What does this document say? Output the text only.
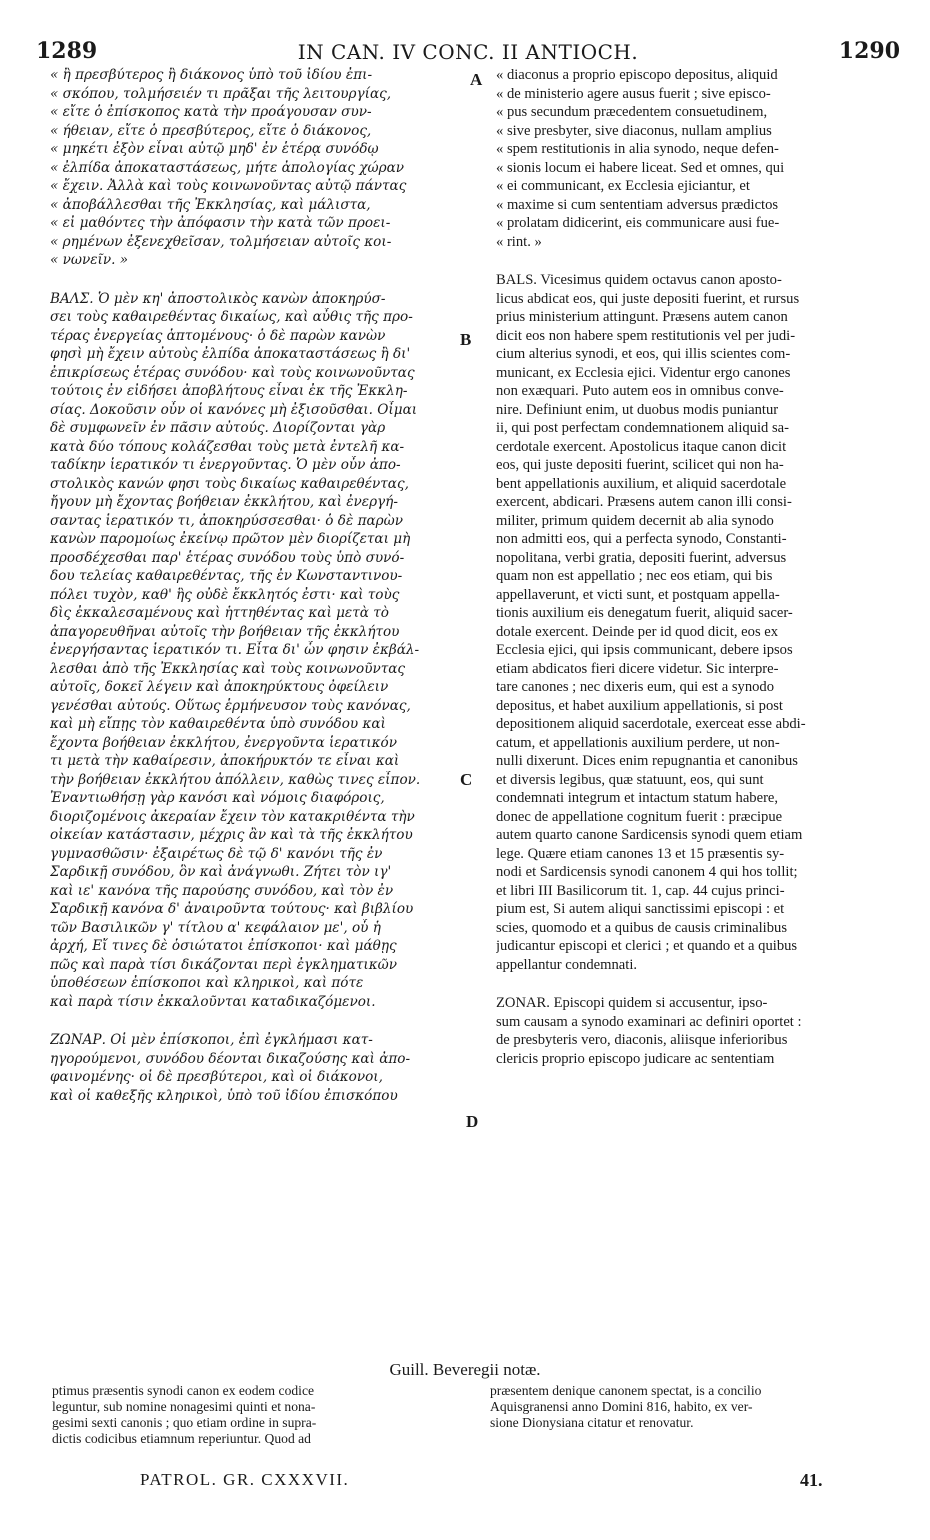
1289	IN CAN. IV CONC. II ANTIOCH.	1290
« ἢ πρεσβύτερος ἢ διάκονος ὑπὸ τοῦ ἰδίου ἐπι-
« σκόπου, τολμήσειέν τι πρᾶξαι τῆς λειτουργίας,
« εἴτε ὁ ἐπίσκοπος κατὰ τὴν προάγουσαν συν-
« ήθειαν, εἴτε ὁ πρεσβύτερος, εἴτε ὁ διάκονος,
« μηκέτι ἐξὸν εἶναι αὐτῷ μηδ' ἐν ἑτέρᾳ συνόδῳ
« ἐλπίδα ἀποκαταστάσεως, μήτε ἀπολογίας χώραν
« ἔχειν. Ἀλλὰ καὶ τοὺς κοινωνοῦντας αὐτῷ πάντας
« ἀποβάλλεσθαι τῆς Ἐκκλησίας, καὶ μάλιστα,
« εἰ μαθόντες τὴν ἀπόφασιν τὴν κατὰ τῶν προει-
« ρημένων ἐξενεχθεῖσαν, τολμήσειαν αὐτοῖς κοι-
« νωνεῖν. »
ΒΑΛΣ. Ὁ μὲν κη' ἀποστολικὸς κανὼν ἀποκηρύσ-
σει τοὺς καθαιρεθέντας δικαίως, καὶ αὖθις τῆς προ-
τέρας ἐνεργείας ἁπτομένους· ὁ δὲ παρὼν κανὼν
φησὶ μὴ ἔχειν αὐτοὺς ἐλπίδα ἀποκαταστάσεως ἢ δι'
ἐπικρίσεως ἑτέρας συνόδου· καὶ τοὺς κοινωνοῦντας
τούτοις ἐν εἰδήσει ἀποβλήτους εἶναι ἐκ τῆς Ἐκκλη-
σίας. Δοκοῦσιν οὖν οἱ κανόνες μὴ ἐξισοῦσθαι. Οἶμαι
δὲ συμφωνεῖν ἐν πᾶσιν αὐτούς. Διορίζονται γὰρ
κατὰ δύο τόπους κολάζεσθαι τοὺς μετὰ ἐντελῆ κα-
ταδίκην ἱερατικόν τι ἐνεργοῦντας. Ὁ μὲν οὖν ἀπο-
στολικὸς κανών φησι τοὺς δικαίως καθαιρεθέντας,
ἤγουν μὴ ἔχοντας βοήθειαν ἐκκλήτου, καὶ ἐνεργή-
σαντας ἱερατικόν τι, ἀποκηρύσσεσθαι· ὁ δὲ παρὼν
κανὼν παρομοίως ἐκείνῳ πρῶτον μὲν διορίζεται μὴ
προσδέχεσθαι παρ' ἑτέρας συνόδου τοὺς ὑπὸ συνό-
δου τελείας καθαιρεθέντας, τῆς ἐν Κωνσταντινου-
πόλει τυχὸν, καθ' ἣς οὐδὲ ἔκκλητός ἐστι· καὶ τοὺς
δὶς ἐκκαλεσαμένους καὶ ἡττηθέντας καὶ μετὰ τὸ
ἀπαγορευθῆναι αὐτοῖς τὴν βοήθειαν τῆς ἐκκλήτου
ἐνεργήσαντας ἱερατικόν τι. Εἶτα δι' ὧν φησιν ἐκβάλ-
λεσθαι ἀπὸ τῆς Ἐκκλησίας καὶ τοὺς κοινωνοῦντας
αὐτοῖς, δοκεῖ λέγειν καὶ ἀποκηρύκτους ὀφείλειν
γενέσθαι αὐτούς. Οὕτως ἑρμήνευσον τοὺς κανόνας,
καὶ μὴ εἴπῃς τὸν καθαιρεθέντα ὑπὸ συνόδου καὶ
ἔχοντα βοήθειαν ἐκκλήτου, ἐνεργοῦντα ἱερατικόν
τι μετὰ τὴν καθαίρεσιν, ἀποκήρυκτόν τε εἶναι καὶ
τὴν βοήθειαν ἐκκλήτου ἀπόλλειν, καθὼς τινες εἶπον.
Ἐναντιωθήσῃ γὰρ κανόσι καὶ νόμοις διαφόροις,
διοριζομένοις ἀκεραίαν ἔχειν τὸν κατακριθέντα τὴν
οἰκείαν κατάστασιν, μέχρις ἂν καὶ τὰ τῆς ἐκκλήτου
γυμνασθῶσιν· ἐξαιρέτως δὲ τῷ δ' κανόνι τῆς ἐν
Σαρδικῇ συνόδου, ὃν καὶ ἀνάγνωθι. Ζήτει τὸν ιγ'
καὶ ιε' κανόνα τῆς παρούσης συνόδου, καὶ τὸν ἐν
Σαρδικῇ κανόνα δ' ἀναιροῦντα τούτους· καὶ βιβλίου
τῶν Βασιλικῶν γ' τίτλου α' κεφάλαιον με', οὗ ἡ
ἀρχή, Εἴ τινες δὲ ὁσιώτατοι ἐπίσκοποι· καὶ μάθῃς
πῶς καὶ παρὰ τίσι δικάζονται περὶ ἐγκληματικῶν
ὑποθέσεων ἐπίσκοποι καὶ κληρικοὶ, καὶ πότε
καὶ παρὰ τίσιν ἐκκαλοῦνται καταδικαζόμενοι.
ΖΩΝΑΡ. Οἱ μὲν ἐπίσκοποι, ἐπὶ ἐγκλήμασι κατ-
ηγορούμενοι, συνόδου δέονται δικαζούσης καὶ ἀπο-
φαινομένης· οἱ δὲ πρεσβύτεροι, καὶ οἱ διάκονοι,
καὶ οἱ καθεξῆς κληρικοὶ, ὑπὸ τοῦ ἰδίου ἐπισκόπου
« diaconus a proprio episcopo depositus, aliquid
« de ministerio agere ausus fuerit ; sive episco-
« pus secundum præcedentem consuetudinem,
« sive presbyter, sive diaconus, nullam amplius
« spem restitutionis in alia synodo, neque defen-
« sionis locum ei habere liceat. Sed et omnes, qui
« ei communicant, ex Ecclesia ejiciantur, et
« maxime si cum sententiam adversus prædictos
« prolatam didicerint, eis communicare ausi fue-
« rint. »
BALS. Vicesimus quidem octavus canon aposto-
licus abdicat eos, qui juste depositi fuerint, et rursus
prius ministerium attingunt. Præsens autem canon
dicit eos non habere spem restitutionis vel per judi-
cium alterius synodi, et eos, qui illis scientes com-
municant, ex Ecclesia ejici. Videntur ergo canones
non exæquari. Puto autem eos in omnibus conve-
nire. Definiunt enim, ut duobus modis puniantur
ii, qui post perfectam condemnationem aliquid sa-
cerdotale exercent. Apostolicus itaque canon dicit
eos, qui juste depositi fuerint, scilicet qui non ha-
bent appellationis auxilium, et aliquid sacerdotale
exercent, abdicari. Præsens autem canon illi consi-
militer, primum quidem decernit ab alia synodo
non admitti eos, qui a perfecta synodo, Constanti-
nopolitana, verbi gratia, depositi fuerint, adversus
quam non est appellatio ; nec eos etiam, qui bis
appellaverunt, et victi sunt, et postquam appella-
tionis auxilium eis denegatum fuerit, aliquid sacer-
dotale exercent. Deinde per id quod dicit, eos ex
Ecclesia ejici, qui ipsis communicant, debere ipsos
etiam abdicatos fieri dicere videtur. Sic interpre-
tare canones ; nec dixeris eum, qui est a synodo
depositus, et habet auxilium appellationis, si post
depositionem aliquid sacerdotale, exerceat esse abdi-
catum, et appellationis auxilium perdere, ut non-
nulli dixerunt. Dices enim repugnantia et canonibus
et diversis legibus, quæ statuunt, eos, qui sunt
condemnati integrum et intactum statum habere,
donec de appellatione cognitum fuerit : præcipue
autem quarto canone Sardicensis synodi quem etiam
lege. Quære etiam canones 13 et 15 præsentis sy-
nodi et Sardicensis synodi canonem 4 qui hos tollit;
et libri III Basilicorum tit. 1, cap. 44 cujus princi-
pium est, Si autem aliqui sanctissimi episcopi : et
scies, quomodo et a quibus de causis criminalibus
judicantur episcopi et clerici ; et quando et a quibus
appellantur condemnati.
ZONAR. Episcopi quidem si accusentur, ipso-
sum causam a synodo examinari ac definiri oportet :
de presbyteris vero, diaconis, aliisque inferioribus
clericis proprio episcopo judicare ac sententiam
A
B
C
D
Guill. Beveregii notæ.
ptimus præsentis synodi canon ex eodem codice
leguntur, sub nomine nonagesimi quinti et nona-
gesimi sexti canonis ; quo etiam ordine in supra-
dictis codicibus etiamnum reperiuntur. Quod ad
præsentem denique canonem spectat, is a concilio
Aquisgranensi anno Domini 816, habito, ex ver-
sione Dionysiana citatur et renovatur.
PATROL. GR. CXXXVII.	41.
